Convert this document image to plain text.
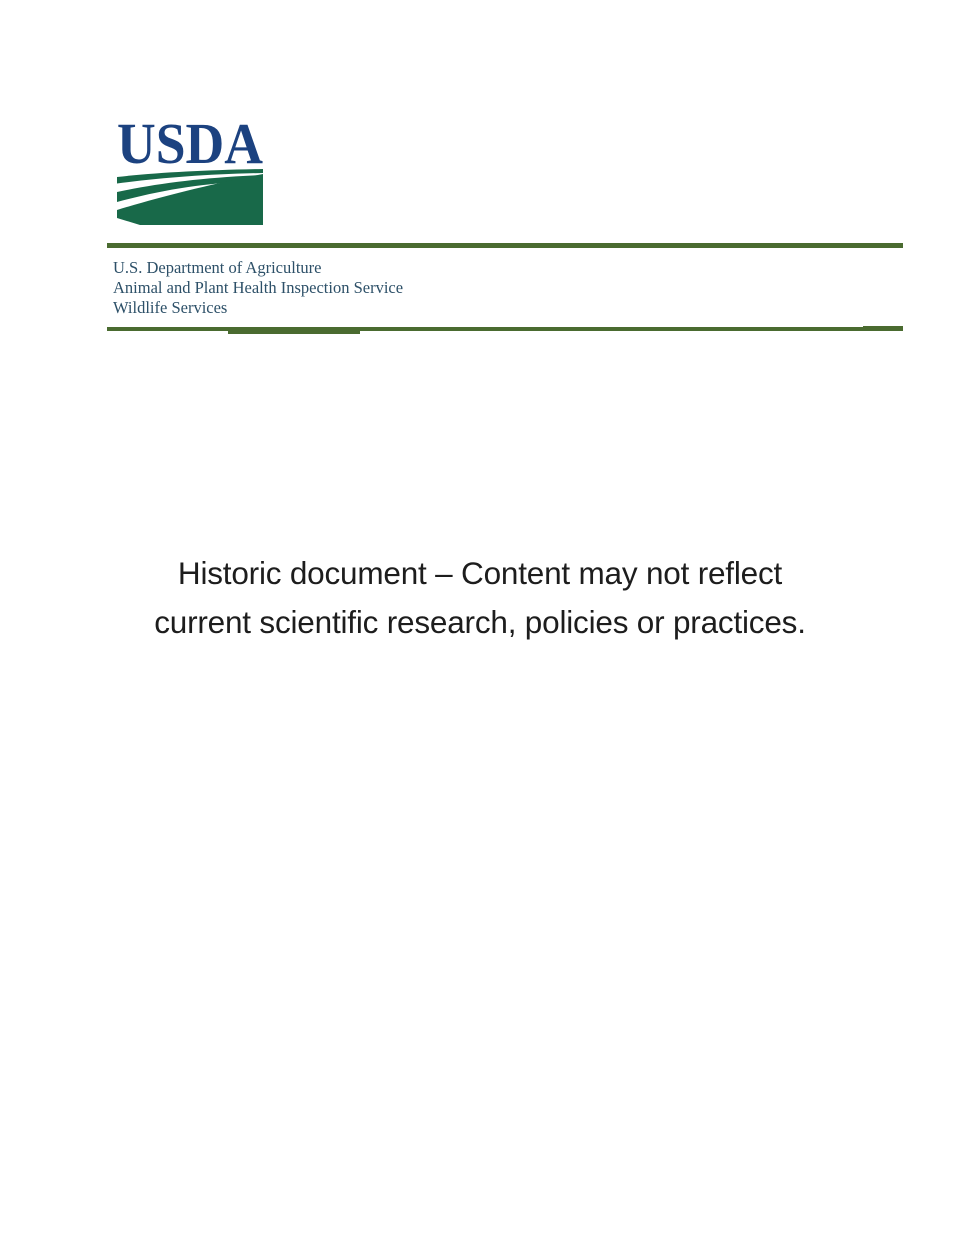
USDA
U.S. Department of Agriculture
Animal and Plant Health Inspection Service
Wildlife Services
Historic document – Content may not reflect
current scientific research, policies or practices.
